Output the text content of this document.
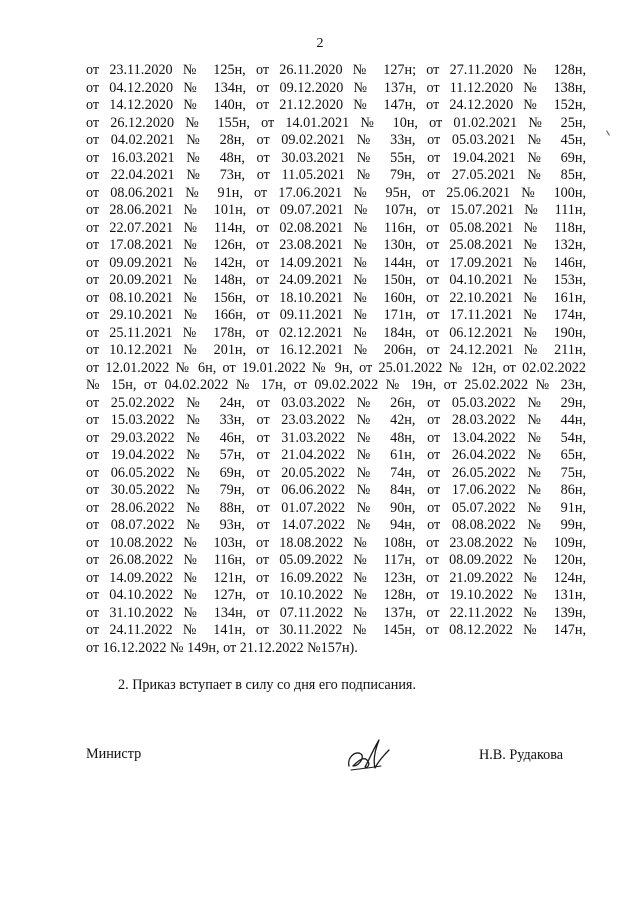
2
от 23.11.2020 № 125н, от 26.11.2020 № 127н; от 27.11.2020 № 128н,
от 04.12.2020 № 134н, от 09.12.2020 № 137н, от 11.12.2020 № 138н,
от 14.12.2020 № 140н, от 21.12.2020 № 147н, от 24.12.2020 № 152н,
от 26.12.2020 № 155н, от 14.01.2021 № 10н, от 01.02.2021 № 25н,
от 04.02.2021 № 28н, от 09.02.2021 № 33н, от 05.03.2021 № 45н,
от 16.03.2021 № 48н, от 30.03.2021 № 55н, от 19.04.2021 № 69н,
от 22.04.2021 № 73н, от 11.05.2021 № 79н, от 27.05.2021 № 85н,
от 08.06.2021 № 91н, от 17.06.2021 № 95н, от 25.06.2021 № 100н,
от 28.06.2021 № 101н, от 09.07.2021 № 107н, от 15.07.2021 № 111н,
от 22.07.2021 № 114н, от 02.08.2021 № 116н, от 05.08.2021 № 118н,
от 17.08.2021 № 126н, от 23.08.2021 № 130н, от 25.08.2021 № 132н,
от 09.09.2021 № 142н, от 14.09.2021 № 144н, от 17.09.2021 № 146н,
от 20.09.2021 № 148н, от 24.09.2021 № 150н, от 04.10.2021 № 153н,
от 08.10.2021 № 156н, от 18.10.2021 № 160н, от 22.10.2021 № 161н,
от 29.10.2021 № 166н, от 09.11.2021 № 171н, от 17.11.2021 № 174н,
от 25.11.2021 № 178н, от 02.12.2021 № 184н, от 06.12.2021 № 190н,
от 10.12.2021 № 201н, от 16.12.2021 № 206н, от 24.12.2021 № 211н,
от 12.01.2022 № 6н, от 19.01.2022 № 9н, от 25.01.2022 № 12н, от 02.02.2022
№ 15н, от 04.02.2022 № 17н, от 09.02.2022 № 19н, от 25.02.2022 № 23н,
от 25.02.2022 № 24н, от 03.03.2022 № 26н, от 05.03.2022 № 29н,
от 15.03.2022 № 33н, от 23.03.2022 № 42н, от 28.03.2022 № 44н,
от 29.03.2022 № 46н, от 31.03.2022 № 48н, от 13.04.2022 № 54н,
от 19.04.2022 № 57н, от 21.04.2022 № 61н, от 26.04.2022 № 65н,
от 06.05.2022 № 69н, от 20.05.2022 № 74н, от 26.05.2022 № 75н,
от 30.05.2022 № 79н, от 06.06.2022 № 84н, от 17.06.2022 № 86н,
от 28.06.2022 № 88н, от 01.07.2022 № 90н, от 05.07.2022 № 91н,
от 08.07.2022 № 93н, от 14.07.2022 № 94н, от 08.08.2022 № 99н,
от 10.08.2022 № 103н, от 18.08.2022 № 108н, от 23.08.2022 № 109н,
от 26.08.2022 № 116н, от 05.09.2022 № 117н, от 08.09.2022 № 120н,
от 14.09.2022 № 121н, от 16.09.2022 № 123н, от 21.09.2022 № 124н,
от 04.10.2022 № 127н, от 10.10.2022 № 128н, от 19.10.2022 № 131н,
от 31.10.2022 № 134н, от 07.11.2022 № 137н, от 22.11.2022 № 139н,
от 24.11.2022 № 141н, от 30.11.2022 № 145н, от 08.12.2022 № 147н,
от 16.12.2022 № 149н, от 21.12.2022 №157н).
2. Приказ вступает в силу со дня его подписания.
Министр	Н.В. Рудакова
